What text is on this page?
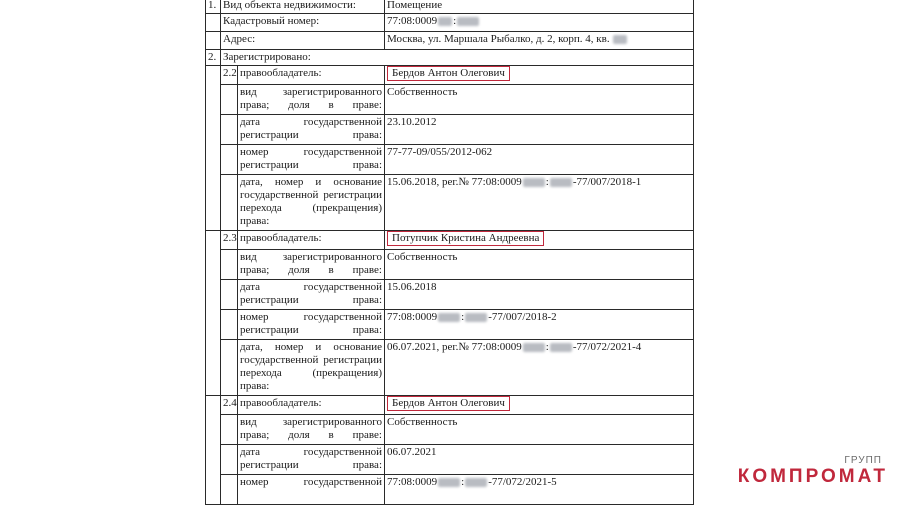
1.	Вид объекта недвижимости:		Помещение
	Кадастровый номер:		77:08:0009 :
	Адрес:		Москва, ул. Маршала Рыбалко, д. 2, корп. 4, кв.
2.	Зарегистрировано:		
	2.2	правообладатель:	Бердов Антон Олегович
		вид зарегистрированного права; доля в праве:	Собственность
		дата государственной регистрации права:	23.10.2012
		номер государственной регистрации права:	77-77-09/055/2012-062
		дата, номер и основание государственной регистрации перехода (прекращения) права:	15.06.2018, рег.№ 77:08:0009 : -77/007/2018-1
	2.3	правообладатель:	Потупчик Кристина Андреевна
		вид зарегистрированного права; доля в праве:	Собственность
		дата государственной регистрации права:	15.06.2018
		номер государственной регистрации права:	77:08:0009 : -77/007/2018-2
		дата, номер и основание государственной регистрации перехода (прекращения) права:	06.07.2021, рег.№ 77:08:0009 : -77/072/2021-4
	2.4	правообладатель:	Бердов Антон Олегович
		вид зарегистрированного права; доля в праве:	Собственность
		дата государственной регистрации права:	06.07.2021
		номер государственной	77:08:0009 : -77/072/2021-5
ГРУПП
КОМПРОМАТ
